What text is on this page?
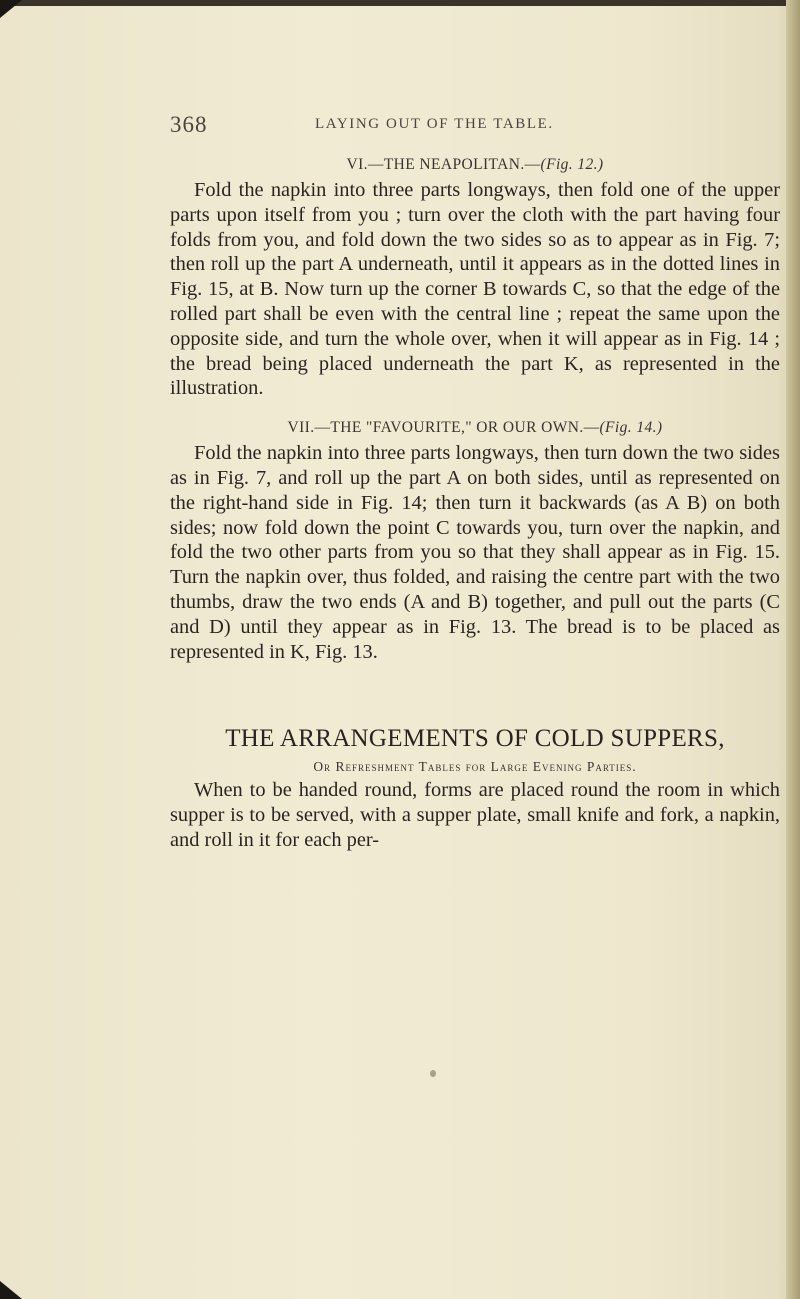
368	LAYING OUT OF THE TABLE.

VI.—THE NEAPOLITAN.—(Fig. 12.)

Fold the napkin into three parts longways, then fold one of the upper parts upon itself from you ; turn over the cloth with the part having four folds from you, and fold down the two sides so as to appear as in Fig. 7; then roll up the part A underneath, until it appears as in the dotted lines in Fig. 15, at B. Now turn up the corner B towards C, so that the edge of the rolled part shall be even with the central line ; repeat the same upon the opposite side, and turn the whole over, when it will appear as in Fig. 14 ; the bread being placed underneath the part K, as represented in the illustration.

VII.—THE "FAVOURITE," OR OUR OWN.—(Fig. 14.)

Fold the napkin into three parts longways, then turn down the two sides as in Fig. 7, and roll up the part A on both sides, until as represented on the right-hand side in Fig. 14; then turn it backwards (as A B) on both sides; now fold down the point C towards you, turn over the napkin, and fold the two other parts from you so that they shall appear as in Fig. 15. Turn the napkin over, thus folded, and raising the centre part with the two thumbs, draw the two ends (A and B) together, and pull out the parts (C and D) until they appear as in Fig. 13. The bread is to be placed as represented in K, Fig. 13.

THE ARRANGEMENTS OF COLD SUPPERS,

Or Refreshment Tables for Large Evening Parties.

When to be handed round, forms are placed round the room in which supper is to be served, with a supper plate, small knife and fork, a napkin, and roll in it for each per-
